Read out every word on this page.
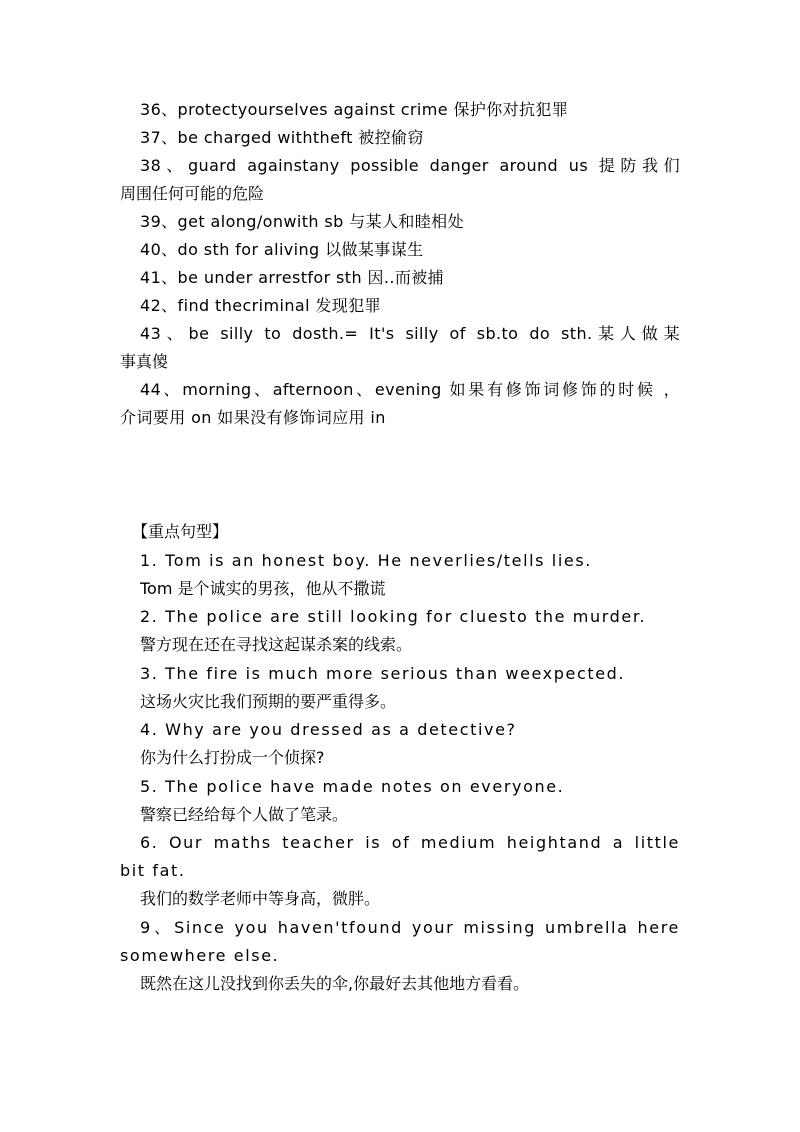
36、protectyourselves against crime 保护你对抗犯罪
37、be charged withtheft 被控偷窃
38、guard againstany possible danger around us 提防我们
周围任何可能的危险
39、get along/onwith sb 与某人和睦相处
40、do sth for aliving 以做某事谋生
41、be under arrestfor sth 因..而被捕
42、find thecriminal 发现犯罪
43、be silly to dosth.= It's silly of sb.to do sth.某人做某
事真傻
44、morning、afternoon、evening 如果有修饰词修饰的时候 ，
介词要用 on 如果没有修饰词应用 in
【重点句型】
1. Tom is an honest boy. He neverlies/tells lies.
Tom 是个诚实的男孩，他从不撒谎
2. The police are still looking for cluesto the murder.
警方现在还在寻找这起谋杀案的线索。
3. The fire is much more serious than weexpected.
这场火灾比我们预期的要严重得多。
4. Why are you dressed as a detective?
你为什么打扮成一个侦探?
5. The police have made notes on everyone.
警察已经给每个人做了笔录。
6. Our maths teacher is of medium heightand a little
bit fat.
我们的数学老师中等身高，微胖。
9、Since you haven'tfound your missing umbrella here
somewhere else.
既然在这儿没找到你丢失的伞,你最好去其他地方看看。
